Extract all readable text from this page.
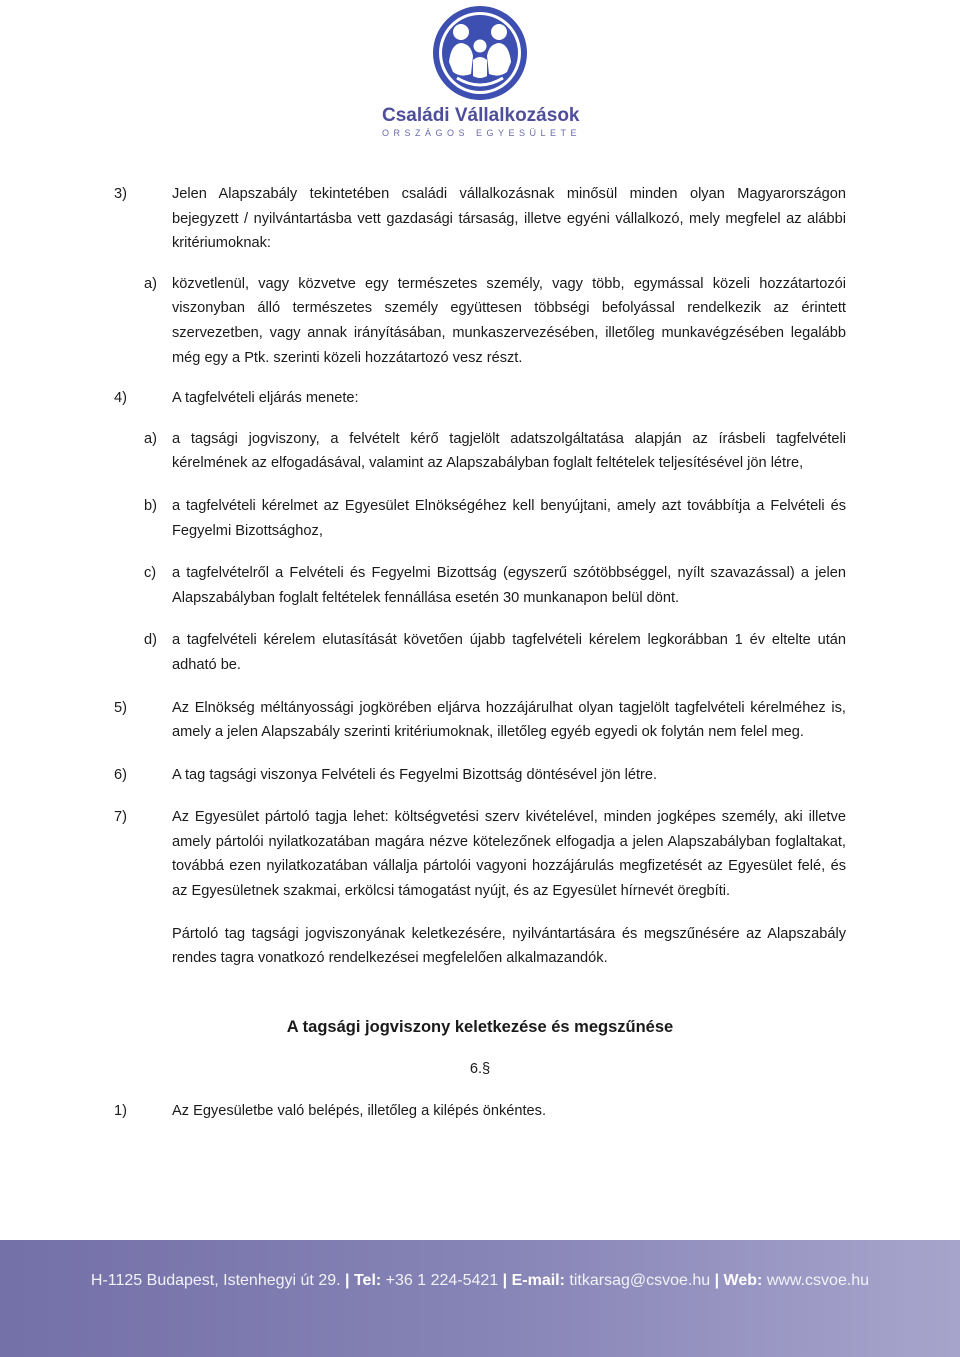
Családi Vállalkozások
ORSZÁGOS EGYESÜLETE
3)	Jelen Alapszabály tekintetében családi vállalkozásnak minősül minden olyan Magyarországon bejegyzett / nyilvántartásba vett gazdasági társaság, illetve egyéni vállalkozó, mely megfelel az alábbi kritériumoknak:
a) közvetlenül, vagy közvetve egy természetes személy, vagy több, egymással közeli hozzátartozói viszonyban álló természetes személy együttesen többségi befolyással rendelkezik az érintett szervezetben, vagy annak irányításában, munkaszervezésében, illetőleg munkavégzésében legalább még egy a Ptk. szerinti közeli hozzátartozó vesz részt.
4)	A tagfelvételi eljárás menete:
a) a tagsági jogviszony, a felvételt kérő tagjelölt adatszolgáltatása alapján az írásbeli tagfelvételi kérelmének az elfogadásával, valamint az Alapszabályban foglalt feltételek teljesítésével jön létre,
b) a tagfelvételi kérelmet az Egyesület Elnökségéhez kell benyújtani, amely azt továbbítja a Felvételi és Fegyelmi Bizottsághoz,
c) a tagfelvételről a Felvételi és Fegyelmi Bizottság (egyszerű szótöbbséggel, nyílt szavazással) a jelen Alapszabályban foglalt feltételek fennállása esetén 30 munkanapon belül dönt.
d) a tagfelvételi kérelem elutasítását követően újabb tagfelvételi kérelem legkorábban 1 év eltelte után adható be.
5)	Az Elnökség méltányossági jogkörében eljárva hozzájárulhat olyan tagjelölt tagfelvételi kérelméhez is, amely a jelen Alapszabály szerinti kritériumoknak, illetőleg egyéb egyedi ok folytán nem felel meg.
6)	A tag tagsági viszonya Felvételi és Fegyelmi Bizottság döntésével jön létre.
7)	Az Egyesület pártoló tagja lehet: költségvetési szerv kivételével, minden jogképes személy, aki illetve amely pártolói nyilatkozatában magára nézve kötelezőnek elfogadja a jelen Alapszabályban foglaltakat, továbbá ezen nyilatkozatában vállalja pártolói vagyoni hozzájárulás megfizetését az Egyesület felé, és az Egyesületnek szakmai, erkölcsi támogatást nyújt, és az Egyesület hírnevét öregbíti.
Pártoló tag tagsági jogviszonyának keletkezésére, nyilvántartására és megszűnésére az Alapszabály rendes tagra vonatkozó rendelkezései megfelelően alkalmazandók.
A tagsági jogviszony keletkezése és megszűnése
6.§
1)	Az Egyesületbe való belépés, illetőleg a kilépés önkéntes.
H-1125 Budapest, Istenhegyi út 29. | Tel: +36 1 224-5421 | E-mail: titkarsag@csvoe.hu | Web: www.csvoe.hu
